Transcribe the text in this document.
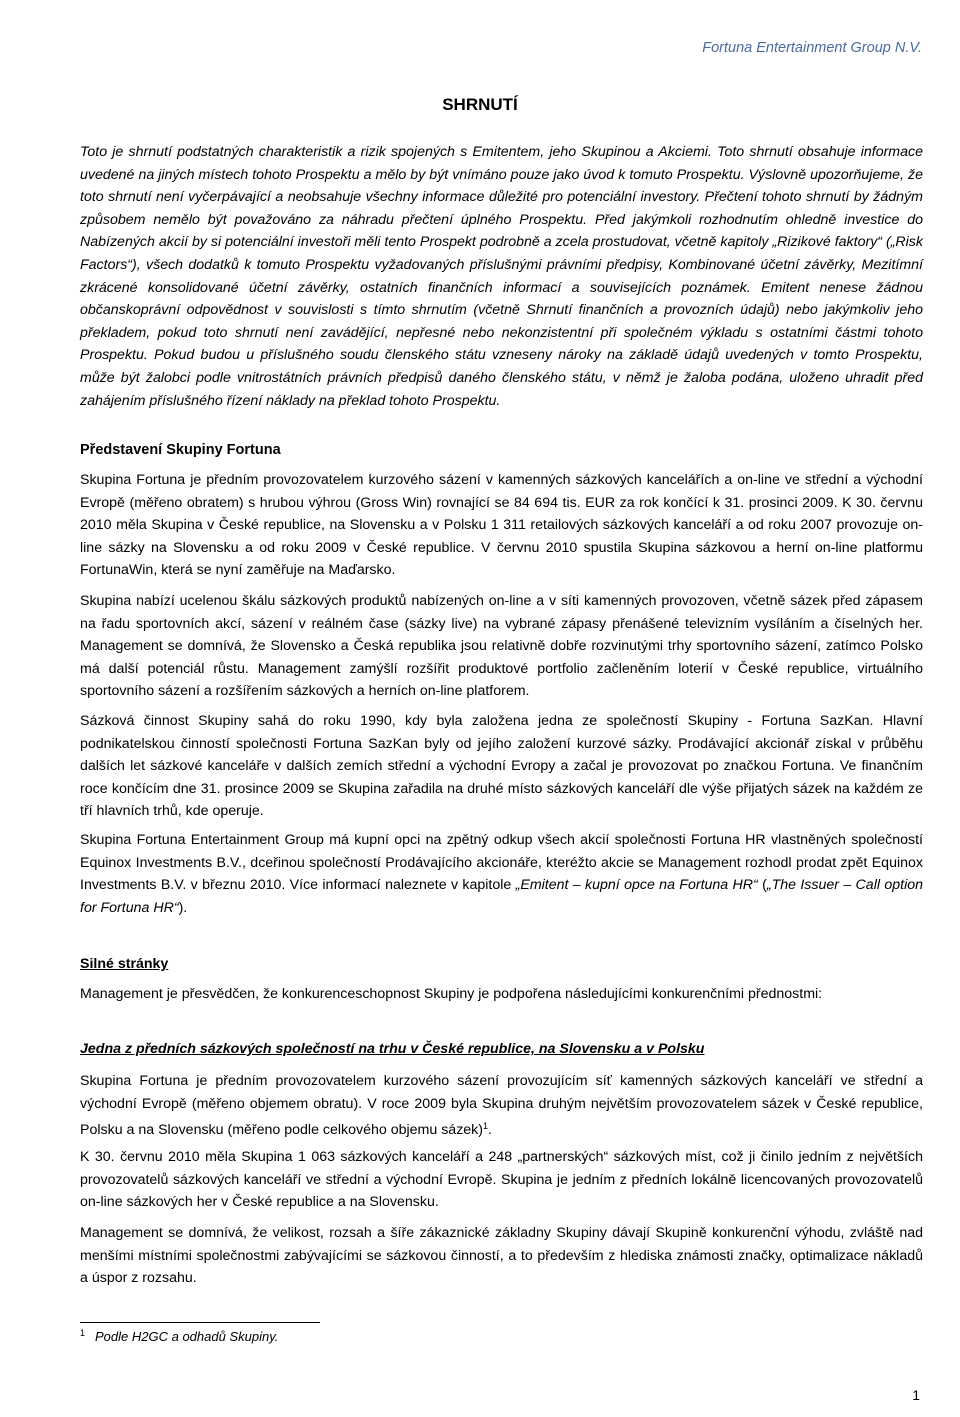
Fortuna Entertainment Group N.V.
SHRNUTÍ
Toto je shrnutí podstatných charakteristik a rizik spojených s Emitentem, jeho Skupinou a Akciemi. Toto shrnutí obsahuje informace uvedené na jiných místech tohoto Prospektu a mělo by být vnímáno pouze jako úvod k tomuto Prospektu. Výslovně upozorňujeme, že toto shrnutí není vyčerpávající a neobsahuje všechny informace důležité pro potenciální investory. Přečtení tohoto shrnutí by žádným způsobem nemělo být považováno za náhradu přečtení úplného Prospektu. Před jakýmkoli rozhodnutím ohledně investice do Nabízených akcií by si potenciální investoři měli tento Prospekt podrobně a zcela prostudovat, včetně kapitoly „Rizikové faktory“ („Risk Factors“), všech dodatků k tomuto Prospektu vyžadovaných příslušnými právními předpisy, Kombinované účetní závěrky, Mezitímní zkrácené konsolidované účetní závěrky, ostatních finančních informací a souvisejících poznámek. Emitent nenese žádnou občanskoprávní odpovědnost v souvislosti s tímto shrnutím (včetně Shrnutí finančních a provozních údajů) nebo jakýmkoliv jeho překladem, pokud toto shrnutí není zavádějící, nepřesné nebo nekonzistentní při společném výkladu s ostatními částmi tohoto Prospektu. Pokud budou u příslušného soudu členského státu vzneseny nároky na základě údajů uvedených v tomto Prospektu, může být žalobci podle vnitrostátních právních předpisů daného členského státu, v němž je žaloba podána, uloženo uhradit před zahájením příslušného řízení náklady na překlad tohoto Prospektu.
Představení Skupiny Fortuna
Skupina Fortuna je předním provozovatelem kurzového sázení v kamenných sázkových kancelářích a on-line ve střední a východní Evropě (měřeno obratem) s hrubou výhrou (Gross Win) rovnající se 84 694 tis. EUR za rok končící k 31. prosinci 2009. K 30. červnu 2010 měla Skupina v České republice, na Slovensku a v Polsku 1 311 retailových sázkových kanceláří a od roku 2007 provozuje on-line sázky na Slovensku a od roku 2009 v České republice. V červnu 2010 spustila Skupina sázkovou a herní on-line platformu FortunaWin, která se nyní zaměřuje na Maďarsko.
Skupina nabízí ucelenou škálu sázkových produktů nabízených on-line a v síti kamenných provozoven, včetně sázek před zápasem na řadu sportovních akcí, sázení v reálném čase (sázky live) na vybrané zápasy přenášené televizním vysíláním a číselných her. Management se domnívá, že Slovensko a Česká republika jsou relativně dobře rozvinutými trhy sportovního sázení, zatímco Polsko má další potenciál růstu. Management zamýšlí rozšířit produktové portfolio začleněním loterií v České republice, virtuálního sportovního sázení a rozšířením sázkových a herních on-line platforem.
Sázková činnost Skupiny sahá do roku 1990, kdy byla založena jedna ze společností Skupiny - Fortuna SazKan. Hlavní podnikatelskou činností společnosti Fortuna SazKan byly od jejího založení kurzové sázky. Prodávající akcionář získal v průběhu dalších let sázkové kanceláře v dalších zemích střední a východní Evropy a začal je provozovat po značkou Fortuna. Ve finančním roce končícím dne 31. prosince 2009 se Skupina zařadila na druhé místo sázkových kanceláří dle výše přijatých sázek na každém ze tří hlavních trhů, kde operuje.
Skupina Fortuna Entertainment Group má kupní opci na zpětný odkup všech akcií společnosti Fortuna HR vlastněných společností Equinox Investments B.V., dceřinou společností Prodávajícího akcionáře, kteréžto akcie se Management rozhodl prodat zpět Equinox Investments B.V. v březnu 2010. Více informací naleznete v kapitole „Emitent – kupní opce na Fortuna HR“ („The Issuer – Call option for Fortuna HR“).
Silné stránky
Management je přesvědčen, že konkurenceschopnost Skupiny je podpořena následujícími konkurenčními přednostmi:
Jedna z předních sázkových společností na trhu v České republice, na Slovensku a v Polsku
Skupina Fortuna je předním provozovatelem kurzového sázení provozujícím síť kamenných sázkových kanceláří ve střední a východní Evropě (měřeno objemem obratu). V roce 2009 byla Skupina druhým největším provozovatelem sázek v České republice, Polsku a na Slovensku (měřeno podle celkového objemu sázek)$^1$.
K 30. červnu 2010 měla Skupina 1 063 sázkových kanceláří a 248 „partnerských“ sázkových míst, což ji činilo jedním z největších provozovatelů sázkových kanceláří ve střední a východní Evropě. Skupina je jedním z předních lokálně licencovaných provozovatelů on-line sázkových her v České republice a na Slovensku.
Management se domnívá, že velikost, rozsah a šíře zákaznické základny Skupiny dávají Skupině konkurenční výhodu, zvláště nad menšími místními společnostmi zabývajícími se sázkovou činností, a to především z hlediska známosti značky, optimalizace nákladů a úspor z rozsahu.
$^1$ Podle H2GC a odhadů Skupiny.
1
